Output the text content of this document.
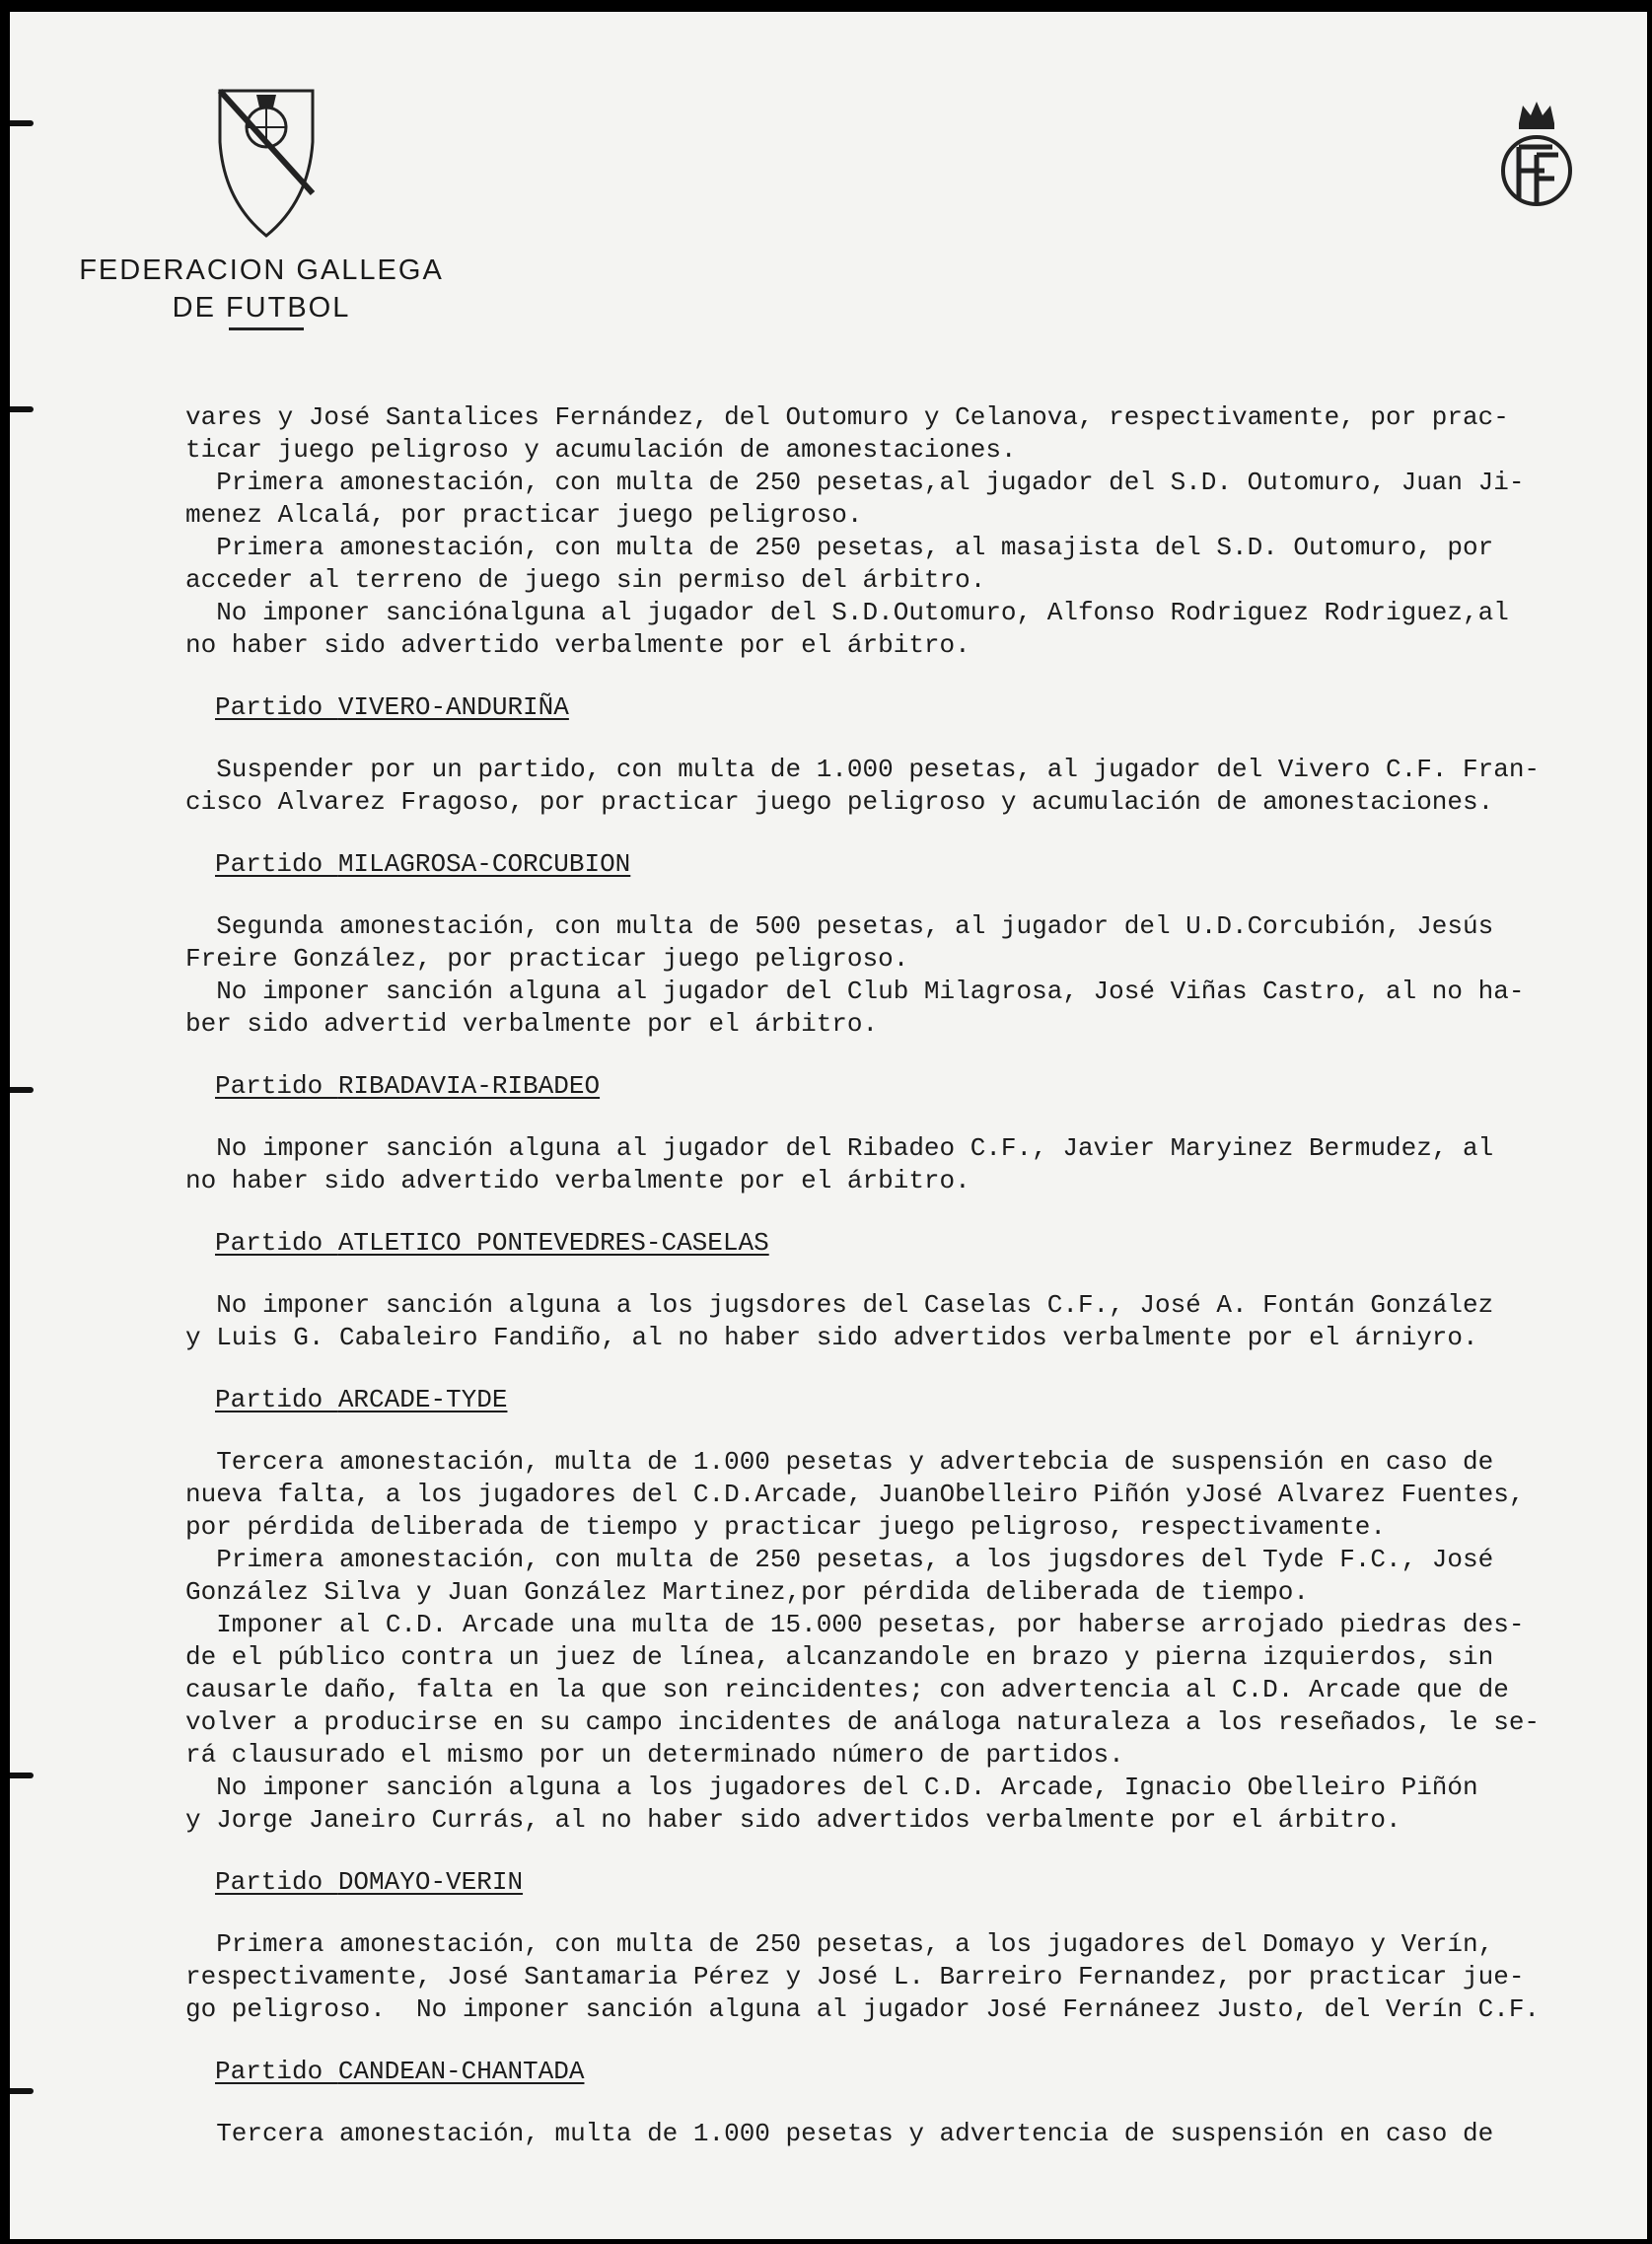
FEDERACION GALLEGA
DE FUTBOL
vares y José Santalices Fernández, del Outomuro y Celanova, respectivamente, por prac-
ticar juego peligroso y acumulación de amonestaciones.
Primera amonestación, con multa de 250 pesetas,al jugador del S.D. Outomuro, Juan Ji-
menez Alcalá, por practicar juego peligroso.
Primera amonestación, con multa de 250 pesetas, al masajista del S.D. Outomuro, por
acceder al terreno de juego sin permiso del árbitro.
No imponer sanciónalguna al jugador del S.D.Outomuro, Alfonso Rodriguez Rodriguez,al
no haber sido advertido verbalmente por el árbitro.
Partido VIVERO-ANDURIÑA
Suspender por un partido, con multa de 1.000 pesetas, al jugador del Vivero C.F. Fran-
cisco Alvarez Fragoso, por practicar juego peligroso y acumulación de amonestaciones.
Partido MILAGROSA-CORCUBION
Segunda amonestación, con multa de 500 pesetas, al jugador del U.D.Corcubión, Jesús
Freire González, por practicar juego peligroso.
No imponer sanción alguna al jugador del Club Milagrosa, José Viñas Castro, al no ha-
ber sido advertid verbalmente por el árbitro.
Partido RIBADAVIA-RIBADEO
No imponer sanción alguna al jugador del Ribadeo C.F., Javier Maryinez Bermudez, al
no haber sido advertido verbalmente por el árbitro.
Partido ATLETICO PONTEVEDRES-CASELAS
No imponer sanción alguna a los jugsdores del Caselas C.F., José A. Fontán González
y Luis G. Cabaleiro Fandiño, al no haber sido advertidos verbalmente por el árniyro.
Partido ARCADE-TYDE
Tercera amonestación, multa de 1.000 pesetas y advertebcia de suspensión en caso de
nueva falta, a los jugadores del C.D.Arcade, JuanObelleiro Piñón yJosé Alvarez Fuentes,
por pérdida deliberada de tiempo y practicar juego peligroso, respectivamente.
Primera amonestación, con multa de 250 pesetas, a los jugsdores del Tyde F.C., José
González Silva y Juan González Martinez,por pérdida deliberada de tiempo.
Imponer al C.D. Arcade una multa de 15.000 pesetas, por haberse arrojado piedras des-
de el público contra un juez de línea, alcanzandole en brazo y pierna izquierdos, sin
causarle daño, falta en la que son reincidentes; con advertencia al C.D. Arcade que de
volver a producirse en su campo incidentes de análoga naturaleza a los reseñados, le se-
rá clausurado el mismo por un determinado número de partidos.
No imponer sanción alguna a los jugadores del C.D. Arcade, Ignacio Obelleiro Piñón
y Jorge Janeiro Currás, al no haber sido advertidos verbalmente por el árbitro.
Partido DOMAYO-VERIN
Primera amonestación, con multa de 250 pesetas, a los jugadores del Domayo y Verín,
respectivamente, José Santamaria Pérez y José L. Barreiro Fernandez, por practicar jue-
go peligroso.  No imponer sanción alguna al jugador José Fernáneez Justo, del Verín C.F.
Partido CANDEAN-CHANTADA
Tercera amonestación, multa de 1.000 pesetas y advertencia de suspensión en caso de
